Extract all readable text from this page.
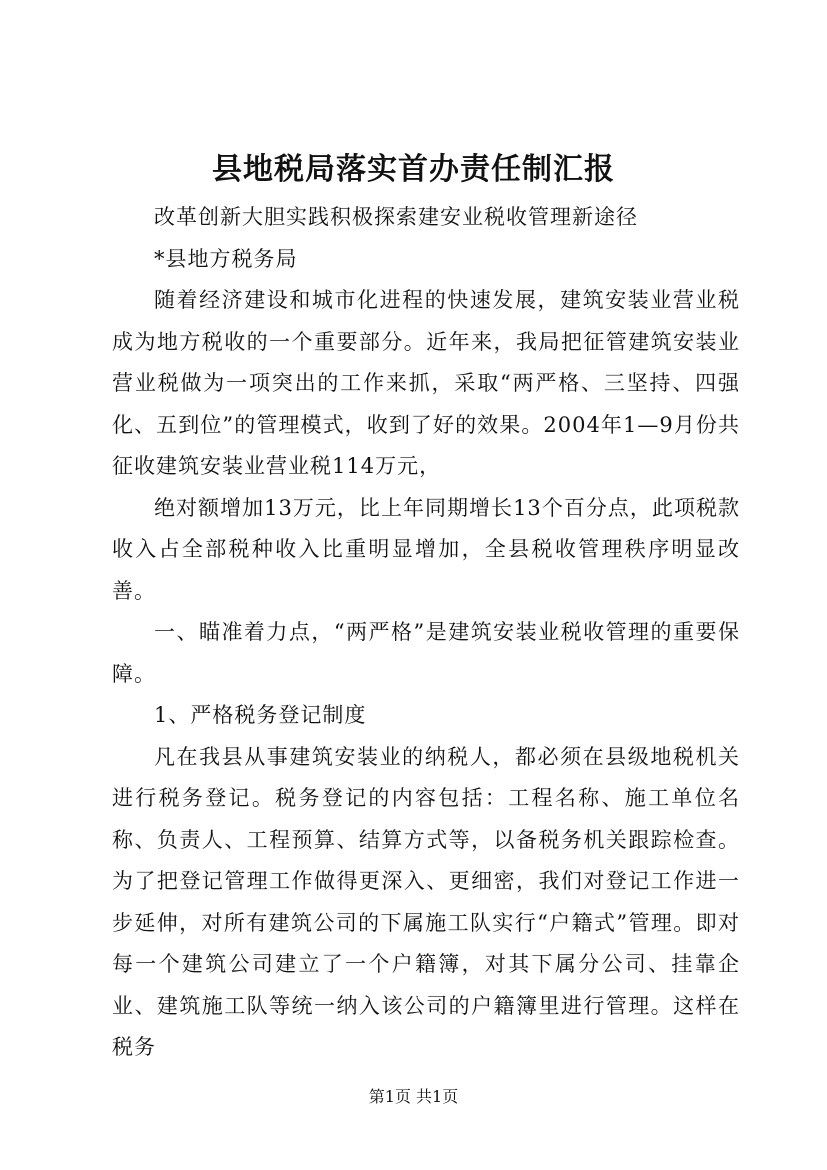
县地税局落实首办责任制汇报

改革创新大胆实践积极探索建安业税收管理新途径

*县地方税务局

随着经济建设和城市化进程的快速发展，建筑安装业营业税成为地方税收的一个重要部分。近年来，我局把征管建筑安装业营业税做为一项突出的工作来抓，采取“两严格、三坚持、四强化、五到位”的管理模式，收到了好的效果。2004年1—9月份共征收建筑安装业营业税114万元，

绝对额增加13万元，比上年同期增长13个百分点，此项税款收入占全部税种收入比重明显增加，全县税收管理秩序明显改善。

一、瞄准着力点，“两严格”是建筑安装业税收管理的重要保障。

1、严格税务登记制度

凡在我县从事建筑安装业的纳税人，都必须在县级地税机关进行税务登记。税务登记的内容包括：工程名称、施工单位名称、负责人、工程预算、结算方式等，以备税务机关跟踪检查。为了把登记管理工作做得更深入、更细密，我们对登记工作进一步延伸，对所有建筑公司的下属施工队实行“户籍式”管理。即对每一个建筑公司建立了一个户籍簿，对其下属分公司、挂靠企业、建筑施工队等统一纳入该公司的户籍簿里进行管理。这样在税务

第1页 共1页
